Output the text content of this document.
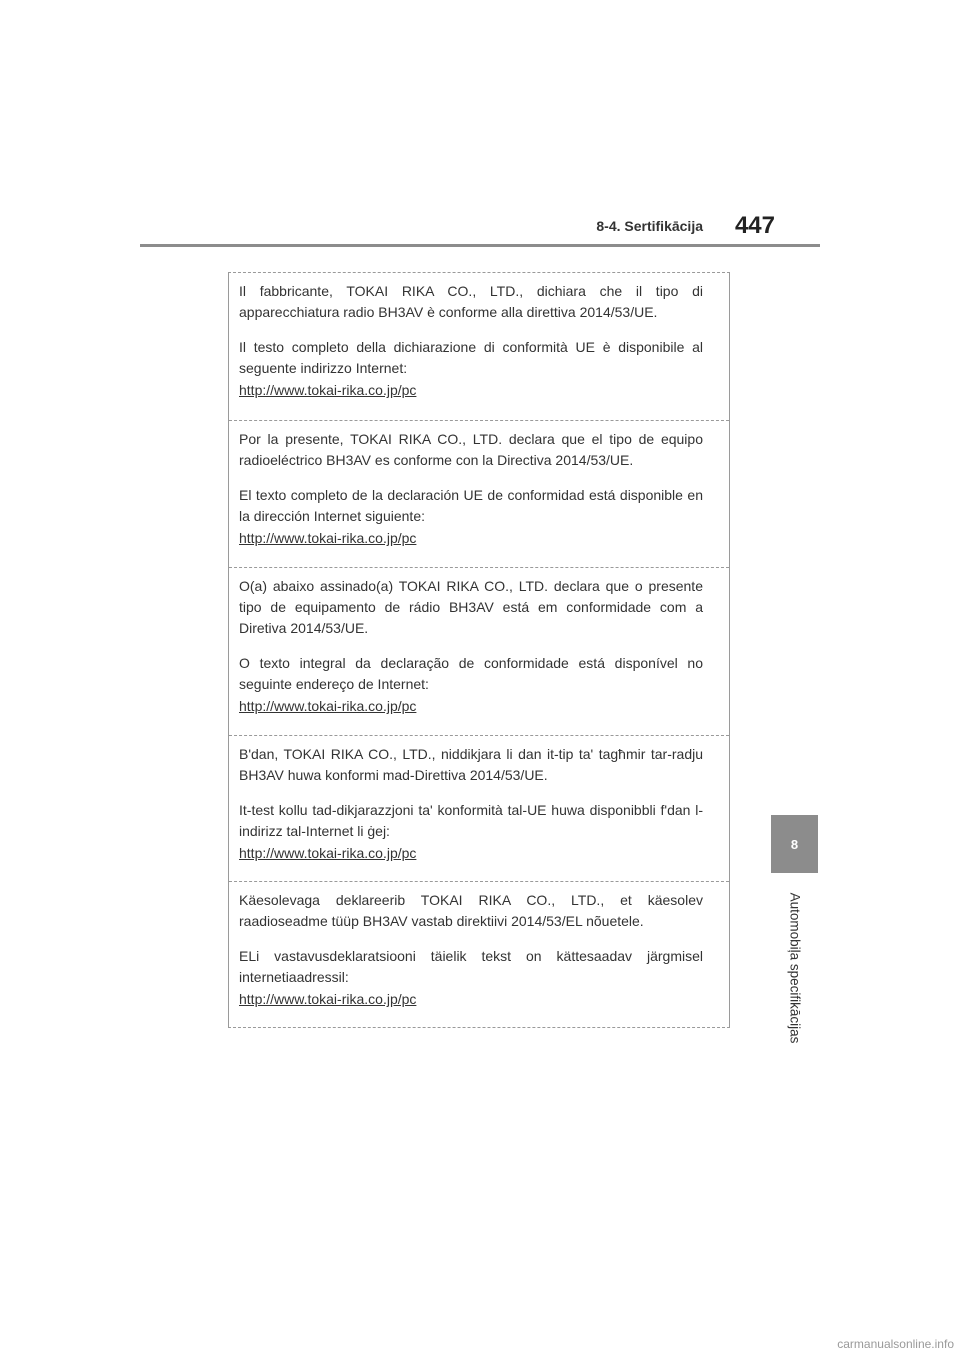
8-4. Sertifikācija 447
8
Automobiļa specifikācijas

Il fabbricante, TOKAI RIKA CO., LTD., dichiara che il tipo di apparecchiatura radio BH3AV è conforme alla direttiva 2014/53/UE.

Il testo completo della dichiarazione di conformità UE è disponibile al seguente indirizzo Internet:

http://www.tokai-rika.co.jp/pc

Por la presente, TOKAI RIKA CO., LTD. declara que el tipo de equipo radioeléctrico BH3AV es conforme con la Directiva 2014/53/UE.

El texto completo de la declaración UE de conformidad está disponible en la dirección Internet siguiente:

http://www.tokai-rika.co.jp/pc

O(a) abaixo assinado(a) TOKAI RIKA CO., LTD. declara que o presente tipo de equipamento de rádio BH3AV está em conformidade com a Diretiva 2014/53/UE.

O texto integral da declaração de conformidade está disponível no seguinte endereço de Internet:

http://www.tokai-rika.co.jp/pc

B'dan, TOKAI RIKA CO., LTD., niddikjara li dan it-tip ta' tagħmir tar-radju BH3AV huwa konformi mad-Direttiva 2014/53/UE.

It-test kollu tad-dikjarazzjoni ta' konformità tal-UE huwa disponibbli f'dan l-indirizz tal-Internet li ġej:

http://www.tokai-rika.co.jp/pc

Käesolevaga deklareerib TOKAI RIKA CO., LTD., et käesolev raadioseadme tüüp BH3AV vastab direktiivi 2014/53/EL nõuetele.

ELi vastavusdeklaratsiooni täielik tekst on kättesaadav järgmisel internetiaadressil:

http://www.tokai-rika.co.jp/pc
carmanualsonline.info
